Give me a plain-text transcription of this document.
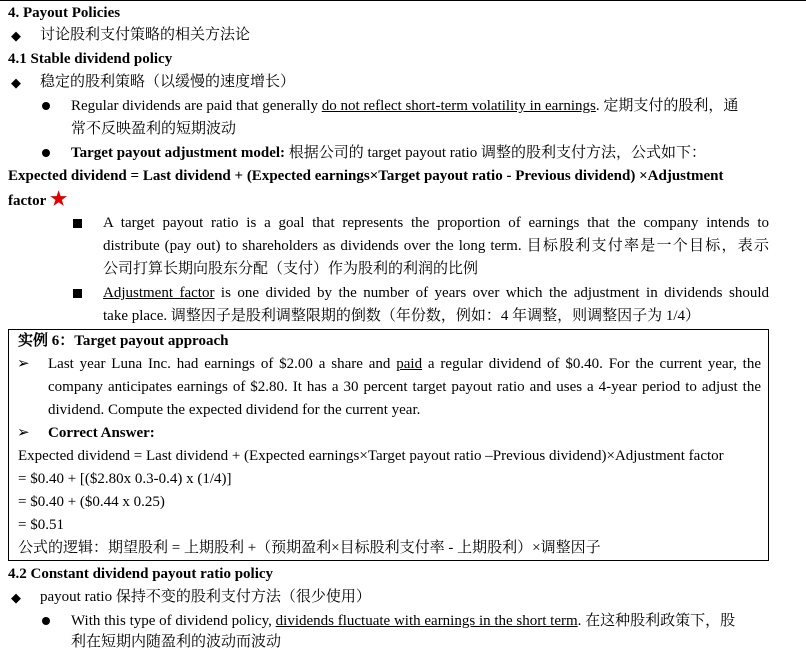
4. Payout Policies
◆ 讨论股利支付策略的相关方法论
4.1 Stable dividend policy
◆ 稳定的股利策略（以缓慢的速度增长）
Regular dividends are paid that generally do not reflect short-term volatility in earnings. 定期支付的股利，通
常不反映盈利的短期波动
Target payout adjustment model: 根据公司的 target payout ratio 调整的股利支付方法，公式如下：
Expected dividend = Last dividend + (Expected earnings×Target payout ratio - Previous dividend) ×Adjustment
factor ★
A target payout ratio is a goal that represents the proportion of earnings that the company intends to
distribute (pay out) to shareholders as dividends over the long term. 目标股利支付率是一个目标，表示
公司打算长期向股东分配（支付）作为股利的利润的比例
Adjustment factor is one divided by the number of years over which the adjustment in dividends should
take place. 调整因子是股利调整限期的倒数（年份数，例如：4 年调整，则调整因子为 1/4）
实例 6：Target payout approach
➢ Last year Luna Inc. had earnings of $2.00 a share and paid a regular dividend of $0.40. For the current year, the
company anticipates earnings of $2.80. It has a 30 percent target payout ratio and uses a 4-year period to adjust the
dividend. Compute the expected dividend for the current year.
➢ Correct Answer:
Expected dividend = Last dividend + (Expected earnings×Target payout ratio –Previous dividend)×Adjustment factor
= $0.40 + [($2.80x 0.3-0.4) x (1/4)]
= $0.40 + ($0.44 x 0.25)
= $0.51
公式的逻辑：期望股利 = 上期股利 +（预期盈利×目标股利支付率 - 上期股利）×调整因子
4.2 Constant dividend payout ratio policy
◆ payout ratio 保持不变的股利支付方法（很少使用）
With this type of dividend policy, dividends fluctuate with earnings in the short term. 在这种股利政策下，股
利在短期内随盈利的波动而波动
